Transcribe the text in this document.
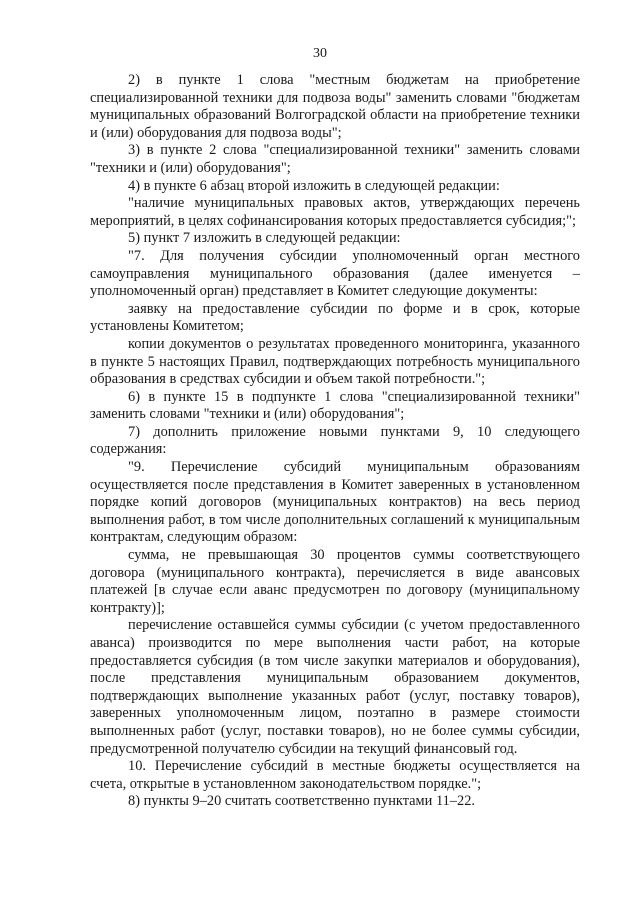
30

2) в пункте 1 слова "местным бюджетам на приобретение специализированной техники для подвоза воды" заменить словами "бюджетам муниципальных образований Волгоградской области на приобретение техники и (или) оборудования для подвоза воды";

3) в пункте 2 слова "специализированной техники" заменить словами "техники и (или) оборудования";

4) в пункте 6 абзац второй изложить в следующей редакции:

"наличие муниципальных правовых актов, утверждающих перечень мероприятий, в целях софинансирования которых предоставляется субсидия;";

5) пункт 7 изложить в следующей редакции:

"7. Для получения субсидии уполномоченный орган местного самоуправления муниципального образования (далее именуется – уполномоченный орган) представляет в Комитет следующие документы:

заявку на предоставление субсидии по форме и в срок, которые установлены Комитетом;

копии документов о результатах проведенного мониторинга, указанного в пункте 5 настоящих Правил, подтверждающих потребность муниципального образования в средствах субсидии и объем такой потребности.";

6) в пункте 15 в подпункте 1 слова "специализированной техники" заменить словами "техники и (или) оборудования";

7) дополнить приложение новыми пунктами 9, 10 следующего содержания:

"9. Перечисление субсидий муниципальным образованиям осуществляется после представления в Комитет заверенных в установленном порядке копий договоров (муниципальных контрактов) на весь период выполнения работ, в том числе дополнительных соглашений к муниципальным контрактам, следующим образом:

сумма, не превышающая 30 процентов суммы соответствующего договора (муниципального контракта), перечисляется в виде авансовых платежей [в случае если аванс предусмотрен по договору (муниципальному контракту)];

перечисление оставшейся суммы субсидии (с учетом предоставленного аванса) производится по мере выполнения части работ, на которые предоставляется субсидия (в том числе закупки материалов и оборудования), после представления муниципальным образованием документов, подтверждающих выполнение указанных работ (услуг, поставку товаров), заверенных уполномоченным лицом, поэтапно в размере стоимости выполненных работ (услуг, поставки товаров), но не более суммы субсидии, предусмотренной получателю субсидии на текущий финансовый год.

10. Перечисление субсидий в местные бюджеты осуществляется на счета, открытые в установленном законодательством порядке.";

8) пункты 9–20 считать соответственно пунктами 11–22.
